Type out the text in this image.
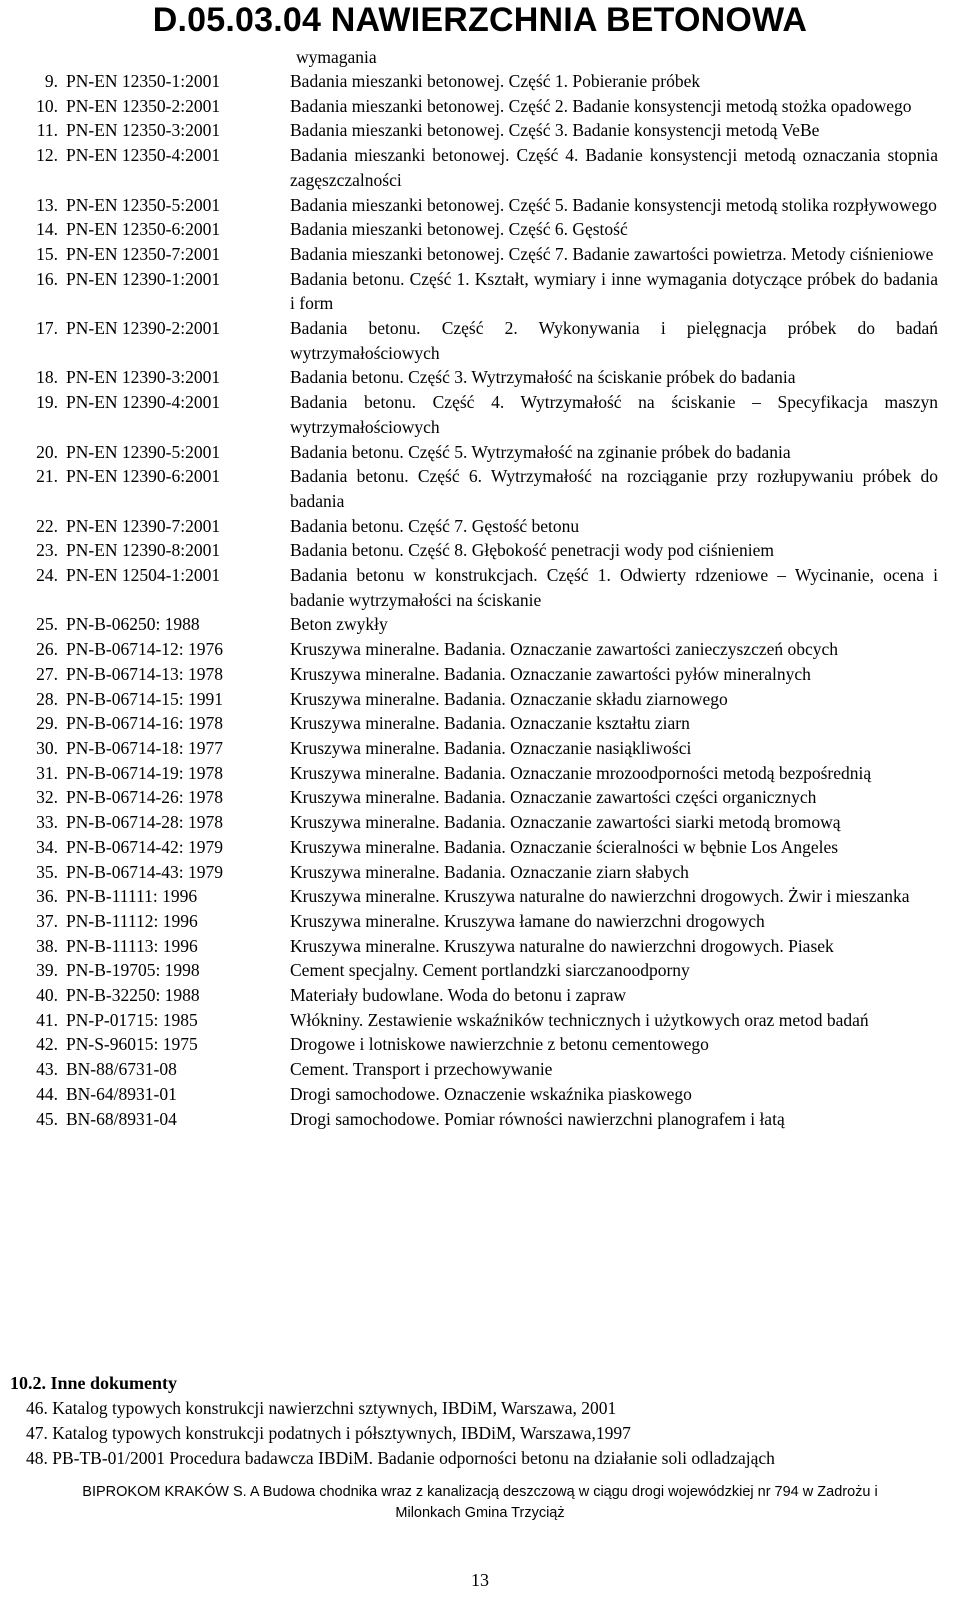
D.05.03.04 NAWIERZCHNIA BETONOWA
wymagania
9. PN-EN 12350-1:2001	Badania mieszanki betonowej. Część 1. Pobieranie próbek
10. PN-EN 12350-2:2001	Badania mieszanki betonowej. Część 2. Badanie konsystencji metodą stożka opadowego
11. PN-EN 12350-3:2001	Badania mieszanki betonowej. Część 3. Badanie konsystencji metodą VeBe
12. PN-EN 12350-4:2001	Badania mieszanki betonowej. Część 4. Badanie konsystencji metodą oznaczania stopnia zagęszczalności
13. PN-EN 12350-5:2001	Badania mieszanki betonowej. Część 5. Badanie konsystencji metodą stolika rozpływowego
14. PN-EN 12350-6:2001	Badania mieszanki betonowej. Część 6. Gęstość
15. PN-EN 12350-7:2001	Badania mieszanki betonowej. Część 7. Badanie zawartości powietrza. Metody ciśnieniowe
16. PN-EN 12390-1:2001	Badania betonu. Część 1. Kształt, wymiary i inne wymagania dotyczące próbek do badania i form
17. PN-EN 12390-2:2001	Badania betonu. Część 2. Wykonywania i pielęgnacja próbek do badań wytrzymałościowych
18. PN-EN 12390-3:2001	Badania betonu. Część 3. Wytrzymałość na ściskanie próbek do badania
19. PN-EN 12390-4:2001	Badania betonu. Część 4. Wytrzymałość na ściskanie – Specyfikacja maszyn wytrzymałościowych
20. PN-EN 12390-5:2001	Badania betonu. Część 5. Wytrzymałość na zginanie próbek do badania
21. PN-EN 12390-6:2001	Badania betonu. Część 6. Wytrzymałość na rozciąganie przy rozłupywaniu próbek do badania
22. PN-EN 12390-7:2001	Badania betonu. Część 7. Gęstość betonu
23. PN-EN 12390-8:2001	Badania betonu. Część 8. Głębokość penetracji wody pod ciśnieniem
24. PN-EN 12504-1:2001	Badania betonu w konstrukcjach. Część 1. Odwierty rdzeniowe – Wycinanie, ocena i badanie wytrzymałości na ściskanie
25. PN-B-06250: 1988	Beton zwykły
26. PN-B-06714-12: 1976	Kruszywa mineralne. Badania. Oznaczanie zawartości zanieczyszczeń obcych
27. PN-B-06714-13: 1978	Kruszywa mineralne. Badania. Oznaczanie zawartości pyłów mineralnych
28. PN-B-06714-15: 1991	Kruszywa mineralne. Badania. Oznaczanie składu ziarnowego
29. PN-B-06714-16: 1978	Kruszywa mineralne. Badania. Oznaczanie kształtu ziarn
30. PN-B-06714-18: 1977	Kruszywa mineralne. Badania. Oznaczanie nasiąkliwości
31. PN-B-06714-19: 1978	Kruszywa mineralne. Badania. Oznaczanie mrozoodporności metodą bezpośrednią
32. PN-B-06714-26: 1978	Kruszywa mineralne. Badania. Oznaczanie zawartości części organicznych
33. PN-B-06714-28: 1978	Kruszywa mineralne. Badania. Oznaczanie zawartości siarki metodą bromową
34. PN-B-06714-42: 1979	Kruszywa mineralne. Badania. Oznaczanie ścieralności w bębnie Los Angeles
35. PN-B-06714-43: 1979	Kruszywa mineralne. Badania. Oznaczanie ziarn słabych
36. PN-B-11111: 1996	Kruszywa mineralne. Kruszywa naturalne do nawierzchni drogowych. Żwir i mieszanka
37. PN-B-11112: 1996	Kruszywa mineralne. Kruszywa łamane do nawierzchni drogowych
38. PN-B-11113: 1996	Kruszywa mineralne. Kruszywa naturalne do nawierzchni drogowych. Piasek
39. PN-B-19705: 1998	Cement specjalny. Cement portlandzki siarczanoodporny
40. PN-B-32250: 1988	Materiały budowlane. Woda do betonu i zapraw
41. PN-P-01715: 1985	Włókniny. Zestawienie wskaźników technicznych i użytkowych oraz metod badań
42. PN-S-96015: 1975	Drogowe i lotniskowe nawierzchnie z betonu cementowego
43. BN-88/6731-08	Cement. Transport i przechowywanie
44. BN-64/8931-01	Drogi samochodowe. Oznaczenie wskaźnika piaskowego
45. BN-68/8931-04	Drogi samochodowe. Pomiar równości nawierzchni planografem i łatą
10.2. Inne dokumenty
46. Katalog typowych konstrukcji nawierzchni sztywnych, IBDiM, Warszawa, 2001
47. Katalog typowych konstrukcji podatnych i półsztywnych, IBDiM, Warszawa,1997
48. PB-TB-01/2001 Procedura badawcza IBDiM. Badanie odporności betonu na działanie soli odladzająch
BIPROKOM KRAKÓW S. A Budowa chodnika wraz z kanalizacją deszczową w ciągu drogi wojewódzkiej nr 794 w Zadrożu i
Milonkach Gmina Trzyciąż
13
